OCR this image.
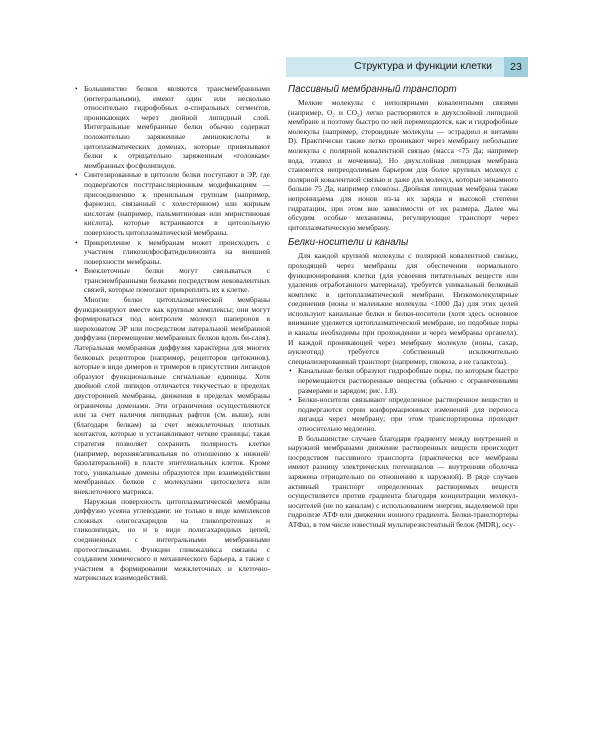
Структура и функции клетки	23
• Большинство белков являются трансмембранными (интегральными), имеют один или несколько относительно гидрофобных α-спиральных сегментов, проникающих через двойной липидный слой. Интегральные мембранные белки обычно содержат положительно заряженные аминокислоты в цитоплазматических доменах, которые привязывают белки к отрицательно заряженным «головкам» мембранных фосфолипидов.
• Синтезированные в цитозоле белки поступают в ЭР, где подвергаются посттрансляционным модификациям — присоединению к пренильным группам (например, фарнезил, связанный с холестерином) или жирным кислотам (например, пальмитиновая или миристиновая кислота), которые встраиваются в цитозольную поверхность цитоплазматической мембраны.
• Прикрепление к мембранам может происходить с участием гликозилфосфатидилинозита на внешней поверхности мембраны.
• Внеклеточные белки могут связываться с трансмембранными белками посредством нековалентных связей, которые помогают прикреплять их к клетке.

Многие белки цитоплазматической мембраны функционируют вместе как крупные комплексы; они могут формироваться под контролем молекул шаперонов в шероховатом ЭР или посредством латеральной мембранной диффузии (перемещение мембранных белков вдоль би-слоя). Латеральная мембранная диффузия характерна для многих белковых рецепторов (например, рецепторов цитокинов), которые в виде димеров и тримеров в присутствии лигандов образуют функциональные сигнальные единицы. Хотя двойной слой липидов отличается текучестью в пределах двусторонней мембраны, движения в пределах мембраны ограничены доменами. Эти ограничения осуществляются или за счет наличия липидных рафтов (см. выше), или (благодаря белкам) за счет межклеточных плотных контактов, которые и устанавливают четкие границы; такая стратегия позволяет сохранить полярность клетки (например, верхняя/апикальная по отношению к нижней/базолатеральной) в пласте эпителиальных клеток. Кроме того, уникальные домены образуются при взаимодействии мембранных белков с молекулами цитоскелета или внеклеточного матрикса.

Наружная поверхность цитоплазматической мембраны диффузно усеяна углеводами: не только в виде комплексов сложных олигосахаридов на гликопротеинах и гликолипидах, но и в виде полисахаридных цепей, соединенных с интегральными мембранными протеогликанами. Функции гликокаликса связаны с созданием химического и механического барьера, а также с участием в формировании межклеточных и клеточно-матриксных взаимодействий.

Пассивный мембранный транспорт

Мелкие молекулы с неполярными ковалентными связями (например, O₂ и CO₂) легко растворяются в двухслойной липидной мембране и поэтому быстро по ней перемещаются, как и гидрофобные молекулы (например, стероидные молекулы — эстрадиол и витамин D). Практически также легко проникают через мембрану небольшие молекулы с полярной ковалентной связью (масса <75 Да; например вода, этанол и мочевина). Но двухслойная липидная мембрана становится непреодолимым барьером для более крупных молекул с полярной ковалентной связью и даже для молекул, которые ненамного больше 75 Да, например глюкозы. Двойная липидная мембрана также непроницаема для ионов из-за их заряда и высокой степени гидратации, при этом вне зависимости от их размера. Далее мы обсудим особые механизмы, регулирующие транспорт через цитоплазматическую мембрану.

Белки-носители и каналы

Для каждой крупной молекулы с полярной ковалентной связью, проходящей через мембраны для обеспечения нормального функционирования клетки (для усвоения питательных веществ или удаления отработанного материала), требуется уникальный белковый комплекс в цитоплазматической мембране. Низкомолекулярные соединения (ионы и маленькие молекулы <1000 Да) для этих целей используют канальные белки и белки-носители (хотя здесь основное внимание уделяется цитоплазматической мембране, но подобные поры и каналы необходимы при прохождении и через мембраны органелл). И каждой проникающей через мембрану молекуле (ионы, сахар, нуклеотид) требуется собственный исключительно специализированный транспорт (например, глюкоза, а не галактоза).

• Канальные белки образуют гидрофобные поры, по которым быстро перемещаются растворенные вещества (обычно с ограниченными размерами и зарядом; рис. 1.8).
• Белки-носители связывают определенное растворенное вещество и подвергаются серии конформационных изменений для переноса лиганда через мембрану; при этом транспортировка проходит относительно медленно.

В большинстве случаев благодаря градиенту между внутренней и наружной мембранами движение растворенных веществ происходит посредством пассивного транспорта (практически все мембраны имеют разницу электрических потенциалов — внутренняя оболочка заряжена отрицательно по отношению к наружной). В ряде случаев активный транспорт определенных растворимых веществ осуществляется против градиента благодаря концентрации молекул-носителей (не по каналам) с использованием энергии, выделяемой при гидролизе АТФ или движении ионного градиента. Белки-транспортеры АТФаз, в том числе известный мультирезистентный белок (MDR), осу-
